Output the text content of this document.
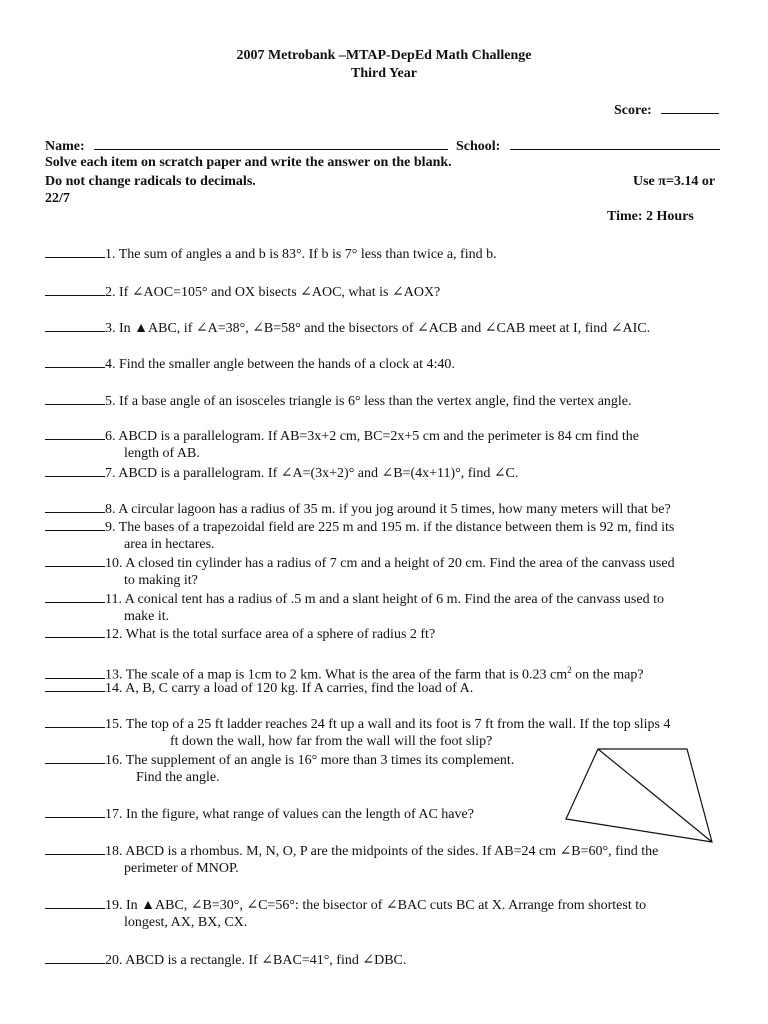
2007 Metrobank –MTAP-DepEd Math Challenge
Third Year
Score:
Name:	School:
Solve each item on scratch paper and write the answer on the blank.
Do not change radicals to decimals.	Use π=3.14 or
22/7
Time: 2 Hours
1. The sum of angles a and b is 83°. If b is 7° less than twice a, find b.
2. If ∠AOC=105° and OX bisects ∠AOC, what is ∠AOX?
3. In ▲ABC, if ∠A=38°, ∠B=58° and the bisectors of ∠ACB and ∠CAB meet at I, find ∠AIC.
4. Find the smaller angle between the hands of a clock at 4:40.
5. If a base angle of an isosceles triangle is 6° less than the vertex angle, find the vertex angle.
6. ABCD is a parallelogram. If AB=3x+2 cm, BC=2x+5 cm and the perimeter is 84 cm find the
length of AB.
7. ABCD is a parallelogram. If ∠A=(3x+2)° and ∠B=(4x+11)°, find ∠C.
8. A circular lagoon has a radius of 35 m. if you jog around it 5 times, how many meters will that be?
9. The bases of a trapezoidal field are 225 m and 195 m. if the distance between them is 92 m, find its
area in hectares.
10. A closed tin cylinder has a radius of 7 cm and a height of 20 cm. Find the area of the canvass used
to making it?
11. A conical tent has a radius of .5 m and a slant height of 6 m. Find the area of the canvass used to
make it.
12. What is the total surface area of a sphere of radius 2 ft?
13. The scale of a map is 1cm to 2 km. What is the area of the farm that is 0.23 $cm^2$ on the map?
14. A, B, C carry a load of 120 kg. If A carries, find the load of A.
15. The top of a 25 ft ladder reaches 24 ft up a wall and its foot is 7 ft from the wall. If the top slips 4
ft down the wall, how far from the wall will the foot slip?
16. The supplement of an angle is 16° more than 3 times its complement.
Find the angle.
17. In the figure, what range of values can the length of AC have?
18. ABCD is a rhombus. M, N, O, P are the midpoints of the sides. If AB=24 cm ∠B=60°, find the
perimeter of MNOP.
19. In ▲ABC, ∠B=30°, ∠C=56°: the bisector of ∠BAC cuts BC at X. Arrange from shortest to
longest, AX, BX, CX.
20. ABCD is a rectangle. If ∠BAC=41°, find ∠DBC.
